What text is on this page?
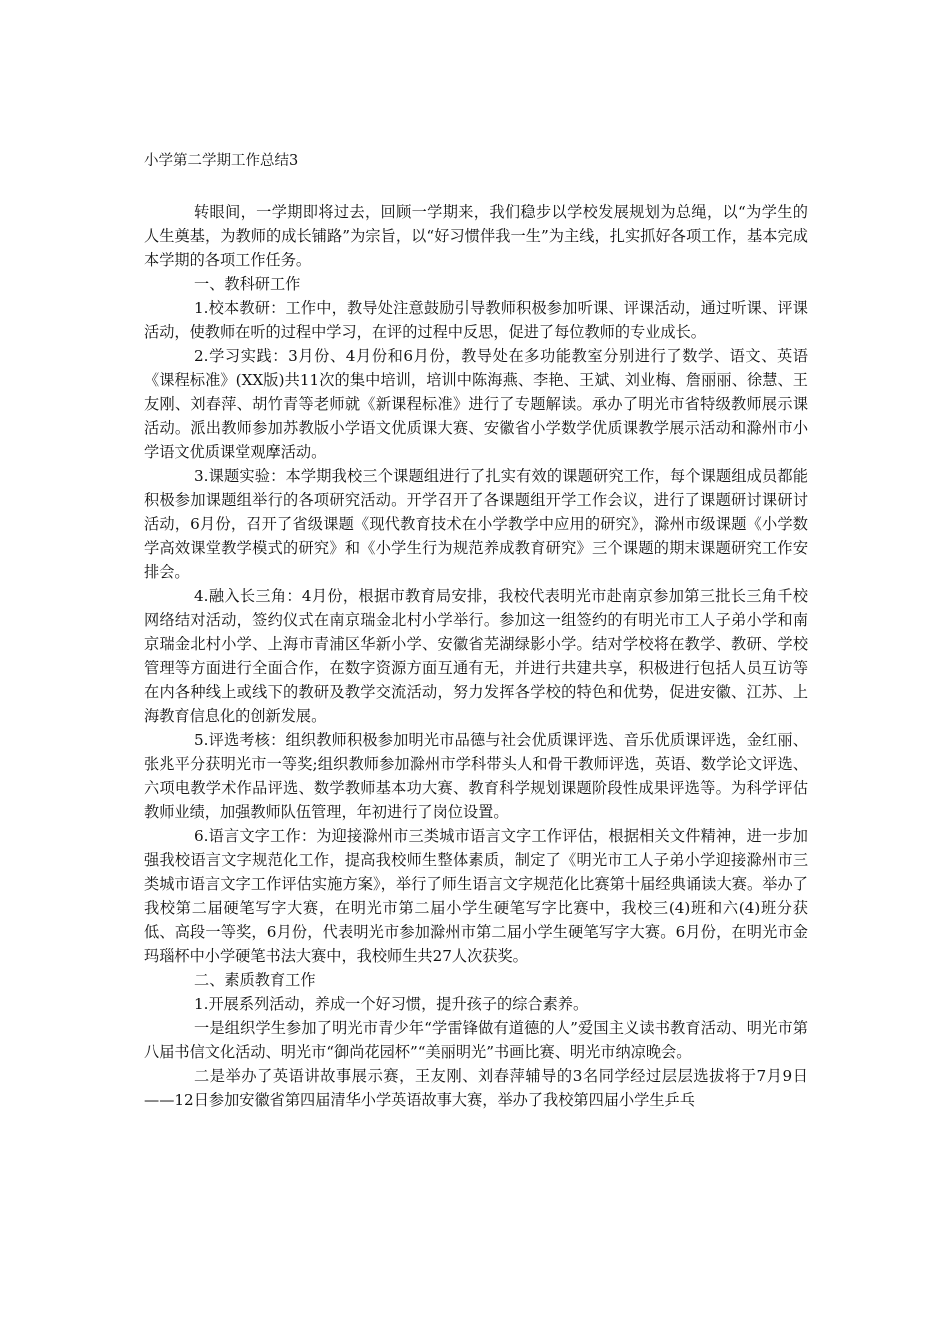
小学第二学期工作总结3

转眼间，一学期即将过去，回顾一学期来，我们稳步以学校发展规划为总绳，以“为学生的人生奠基，为教师的成长铺路”为宗旨，以“好习惯伴我一生”为主线，扎实抓好各项工作，基本完成本学期的各项工作任务。

一、教科研工作

1.校本教研：工作中，教导处注意鼓励引导教师积极参加听课、评课活动，通过听课、评课活动，使教师在听的过程中学习，在评的过程中反思，促进了每位教师的专业成长。

2.学习实践：3月份、4月份和6月份，教导处在多功能教室分别进行了数学、语文、英语《课程标准》(XX版)共11次的集中培训，培训中陈海燕、李艳、王斌、刘业梅、詹丽丽、徐慧、王友刚、刘春萍、胡竹青等老师就《新课程标准》进行了专题解读。承办了明光市省特级教师展示课活动。派出教师参加苏教版小学语文优质课大赛、安徽省小学数学优质课教学展示活动和滁州市小学语文优质课堂观摩活动。

3.课题实验：本学期我校三个课题组进行了扎实有效的课题研究工作，每个课题组成员都能积极参加课题组举行的各项研究活动。开学召开了各课题组开学工作会议，进行了课题研讨课研讨活动，6月份，召开了省级课题《现代教育技术在小学教学中应用的研究》，滁州市级课题《小学数学高效课堂教学模式的研究》和《小学生行为规范养成教育研究》三个课题的期末课题研究工作安排会。

4.融入长三角：4月份，根据市教育局安排，我校代表明光市赴南京参加第三批长三角千校网络结对活动，签约仪式在南京瑞金北村小学举行。参加这一组签约的有明光市工人子弟小学和南京瑞金北村小学、上海市青浦区华新小学、安徽省芜湖绿影小学。结对学校将在教学、教研、学校管理等方面进行全面合作，在数字资源方面互通有无，并进行共建共享，积极进行包括人员互访等在内各种线上或线下的教研及教学交流活动，努力发挥各学校的特色和优势，促进安徽、江苏、上海教育信息化的创新发展。

5.评选考核：组织教师积极参加明光市品德与社会优质课评选、音乐优质课评选，金红丽、张兆平分获明光市一等奖;组织教师参加滁州市学科带头人和骨干教师评选，英语、数学论文评选、六项电教学术作品评选、数学教师基本功大赛、教育科学规划课题阶段性成果评选等。为科学评估教师业绩，加强教师队伍管理，年初进行了岗位设置。

6.语言文字工作：为迎接滁州市三类城市语言文字工作评估，根据相关文件精神，进一步加强我校语言文字规范化工作，提高我校师生整体素质，制定了《明光市工人子弟小学迎接滁州市三类城市语言文字工作评估实施方案》，举行了师生语言文字规范化比赛第十届经典诵读大赛。举办了我校第二届硬笔写字大赛，在明光市第二届小学生硬笔写字比赛中，我校三(4)班和六(4)班分获低、高段一等奖，6月份，代表明光市参加滁州市第二届小学生硬笔写字大赛。6月份，在明光市金玛瑙杯中小学硬笔书法大赛中，我校师生共27人次获奖。

二、素质教育工作

1.开展系列活动，养成一个好习惯，提升孩子的综合素养。

一是组织学生参加了明光市青少年“学雷锋做有道德的人”爱国主义读书教育活动、明光市第八届书信文化活动、明光市“御尚花园杯”“美丽明光”书画比赛、明光市纳凉晚会。

二是举办了英语讲故事展示赛，王友刚、刘春萍辅导的3名同学经过层层选拔将于7月9日——12日参加安徽省第四届清华小学英语故事大赛，举办了我校第四届小学生乒乓
